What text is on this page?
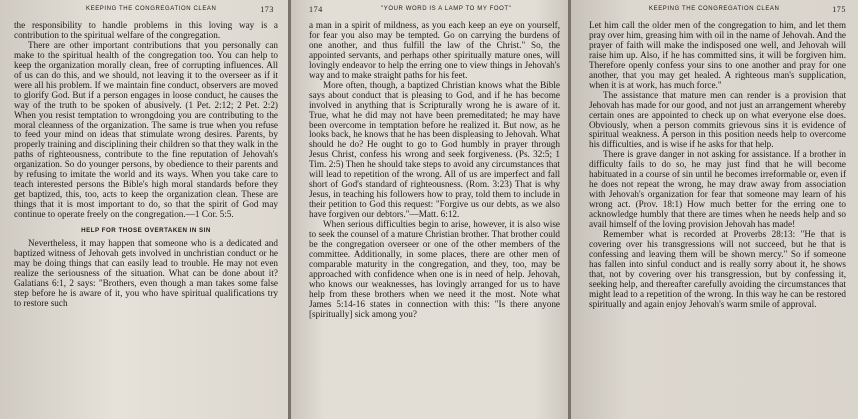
KEEPING THE CONGREGATION CLEAN	173

the responsibility to handle problems in this loving way is a contribution to the spiritual welfare of the congregation.

There are other important contributions that you personally can make to the spiritual health of the congregation too. You can help to keep the organization morally clean, free of corrupting influences. All of us can do this, and we should, not leaving it to the overseer as if it were all his problem. If we maintain fine conduct, observers are moved to glorify God. But if a person engages in loose conduct, he causes the way of the truth to be spoken of abusively. (1 Pet. 2:12; 2 Pet. 2:2) When you resist temptation to wrongdoing you are contributing to the moral cleanness of the organization. The same is true when you refuse to feed your mind on ideas that stimulate wrong desires. Parents, by properly training and disciplining their children so that they walk in the paths of righteousness, contribute to the fine reputation of Jehovah's organization. So do younger persons, by obedience to their parents and by refusing to imitate the world and its ways. When you take care to teach interested persons the Bible's high moral standards before they get baptized, this, too, acts to keep the organization clean. These are things that it is most important to do, so that the spirit of God may continue to operate freely on the congregation.—1 Cor. 5:5.

HELP FOR THOSE OVERTAKEN IN SIN

Nevertheless, it may happen that someone who is a dedicated and baptized witness of Jehovah gets involved in unchristian conduct or he may be doing things that can easily lead to trouble. He may not even realize the seriousness of the situation. What can be done about it? Galatians 6:1, 2 says: "Brothers, even though a man takes some false step before he is aware of it, you who have spiritual qualifications try to restore such

174	"YOUR WORD IS A LAMP TO MY FOOT"

a man in a spirit of mildness, as you each keep an eye on yourself, for fear you also may be tempted. Go on carrying the burdens of one another, and thus fulfill the law of the Christ." So, the appointed servants, and perhaps other spiritually mature ones, will lovingly endeavor to help the erring one to view things in Jehovah's way and to make straight paths for his feet.

More often, though, a baptized Christian knows what the Bible says about conduct that is pleasing to God, and if he has become involved in anything that is Scripturally wrong he is aware of it. True, what he did may not have been premeditated; he may have been overcome in temptation before he realized it. But now, as he looks back, he knows that he has been displeasing to Jehovah. What should he do? He ought to go to God humbly in prayer through Jesus Christ, confess his wrong and seek forgiveness. (Ps. 32:5; 1 Tim. 2:5) Then he should take steps to avoid any circumstances that will lead to repetition of the wrong. All of us are imperfect and fall short of God's standard of righteousness. (Rom. 3:23) That is why Jesus, in teaching his followers how to pray, told them to include in their petition to God this request: "Forgive us our debts, as we also have forgiven our debtors."—Matt. 6:12.

When serious difficulties begin to arise, however, it is also wise to seek the counsel of a mature Christian brother. That brother could be the congregation overseer or one of the other members of the committee. Additionally, in some places, there are other men of comparable maturity in the congregation, and they, too, may be approached with confidence when one is in need of help. Jehovah, who knows our weaknesses, has lovingly arranged for us to have help from these brothers when we need it the most. Note what James 5:14-16 states in connection with this: "Is there anyone [spiritually] sick among you?

KEEPING THE CONGREGATION CLEAN	175

Let him call the older men of the congregation to him, and let them pray over him, greasing him with oil in the name of Jehovah. And the prayer of faith will make the indisposed one well, and Jehovah will raise him up. Also, if he has committed sins, it will be forgiven him. Therefore openly confess your sins to one another and pray for one another, that you may get healed. A righteous man's supplication, when it is at work, has much force."

The assistance that mature men can render is a provision that Jehovah has made for our good, and not just an arrangement whereby certain ones are appointed to check up on what everyone else does. Obviously, when a person commits grievous sins it is evidence of spiritual weakness. A person in this position needs help to overcome his difficulties, and is wise if he asks for that help.

There is grave danger in not asking for assistance. If a brother in difficulty fails to do so, he may just find that he will become habituated in a course of sin until he becomes irreformable or, even if he does not repeat the wrong, he may draw away from association with Jehovah's organization for fear that someone may learn of his wrong act. (Prov. 18:1) How much better for the erring one to acknowledge humbly that there are times when he needs help and so avail himself of the loving provision Jehovah has made!

Remember what is recorded at Proverbs 28:13: "He that is covering over his transgressions will not succeed, but he that is confessing and leaving them will be shown mercy." So if someone has fallen into sinful conduct and is really sorry about it, he shows that, not by covering over his transgression, but by confessing it, seeking help, and thereafter carefully avoiding the circumstances that might lead to a repetition of the wrong. In this way he can be restored spiritually and again enjoy Jehovah's warm smile of approval.
